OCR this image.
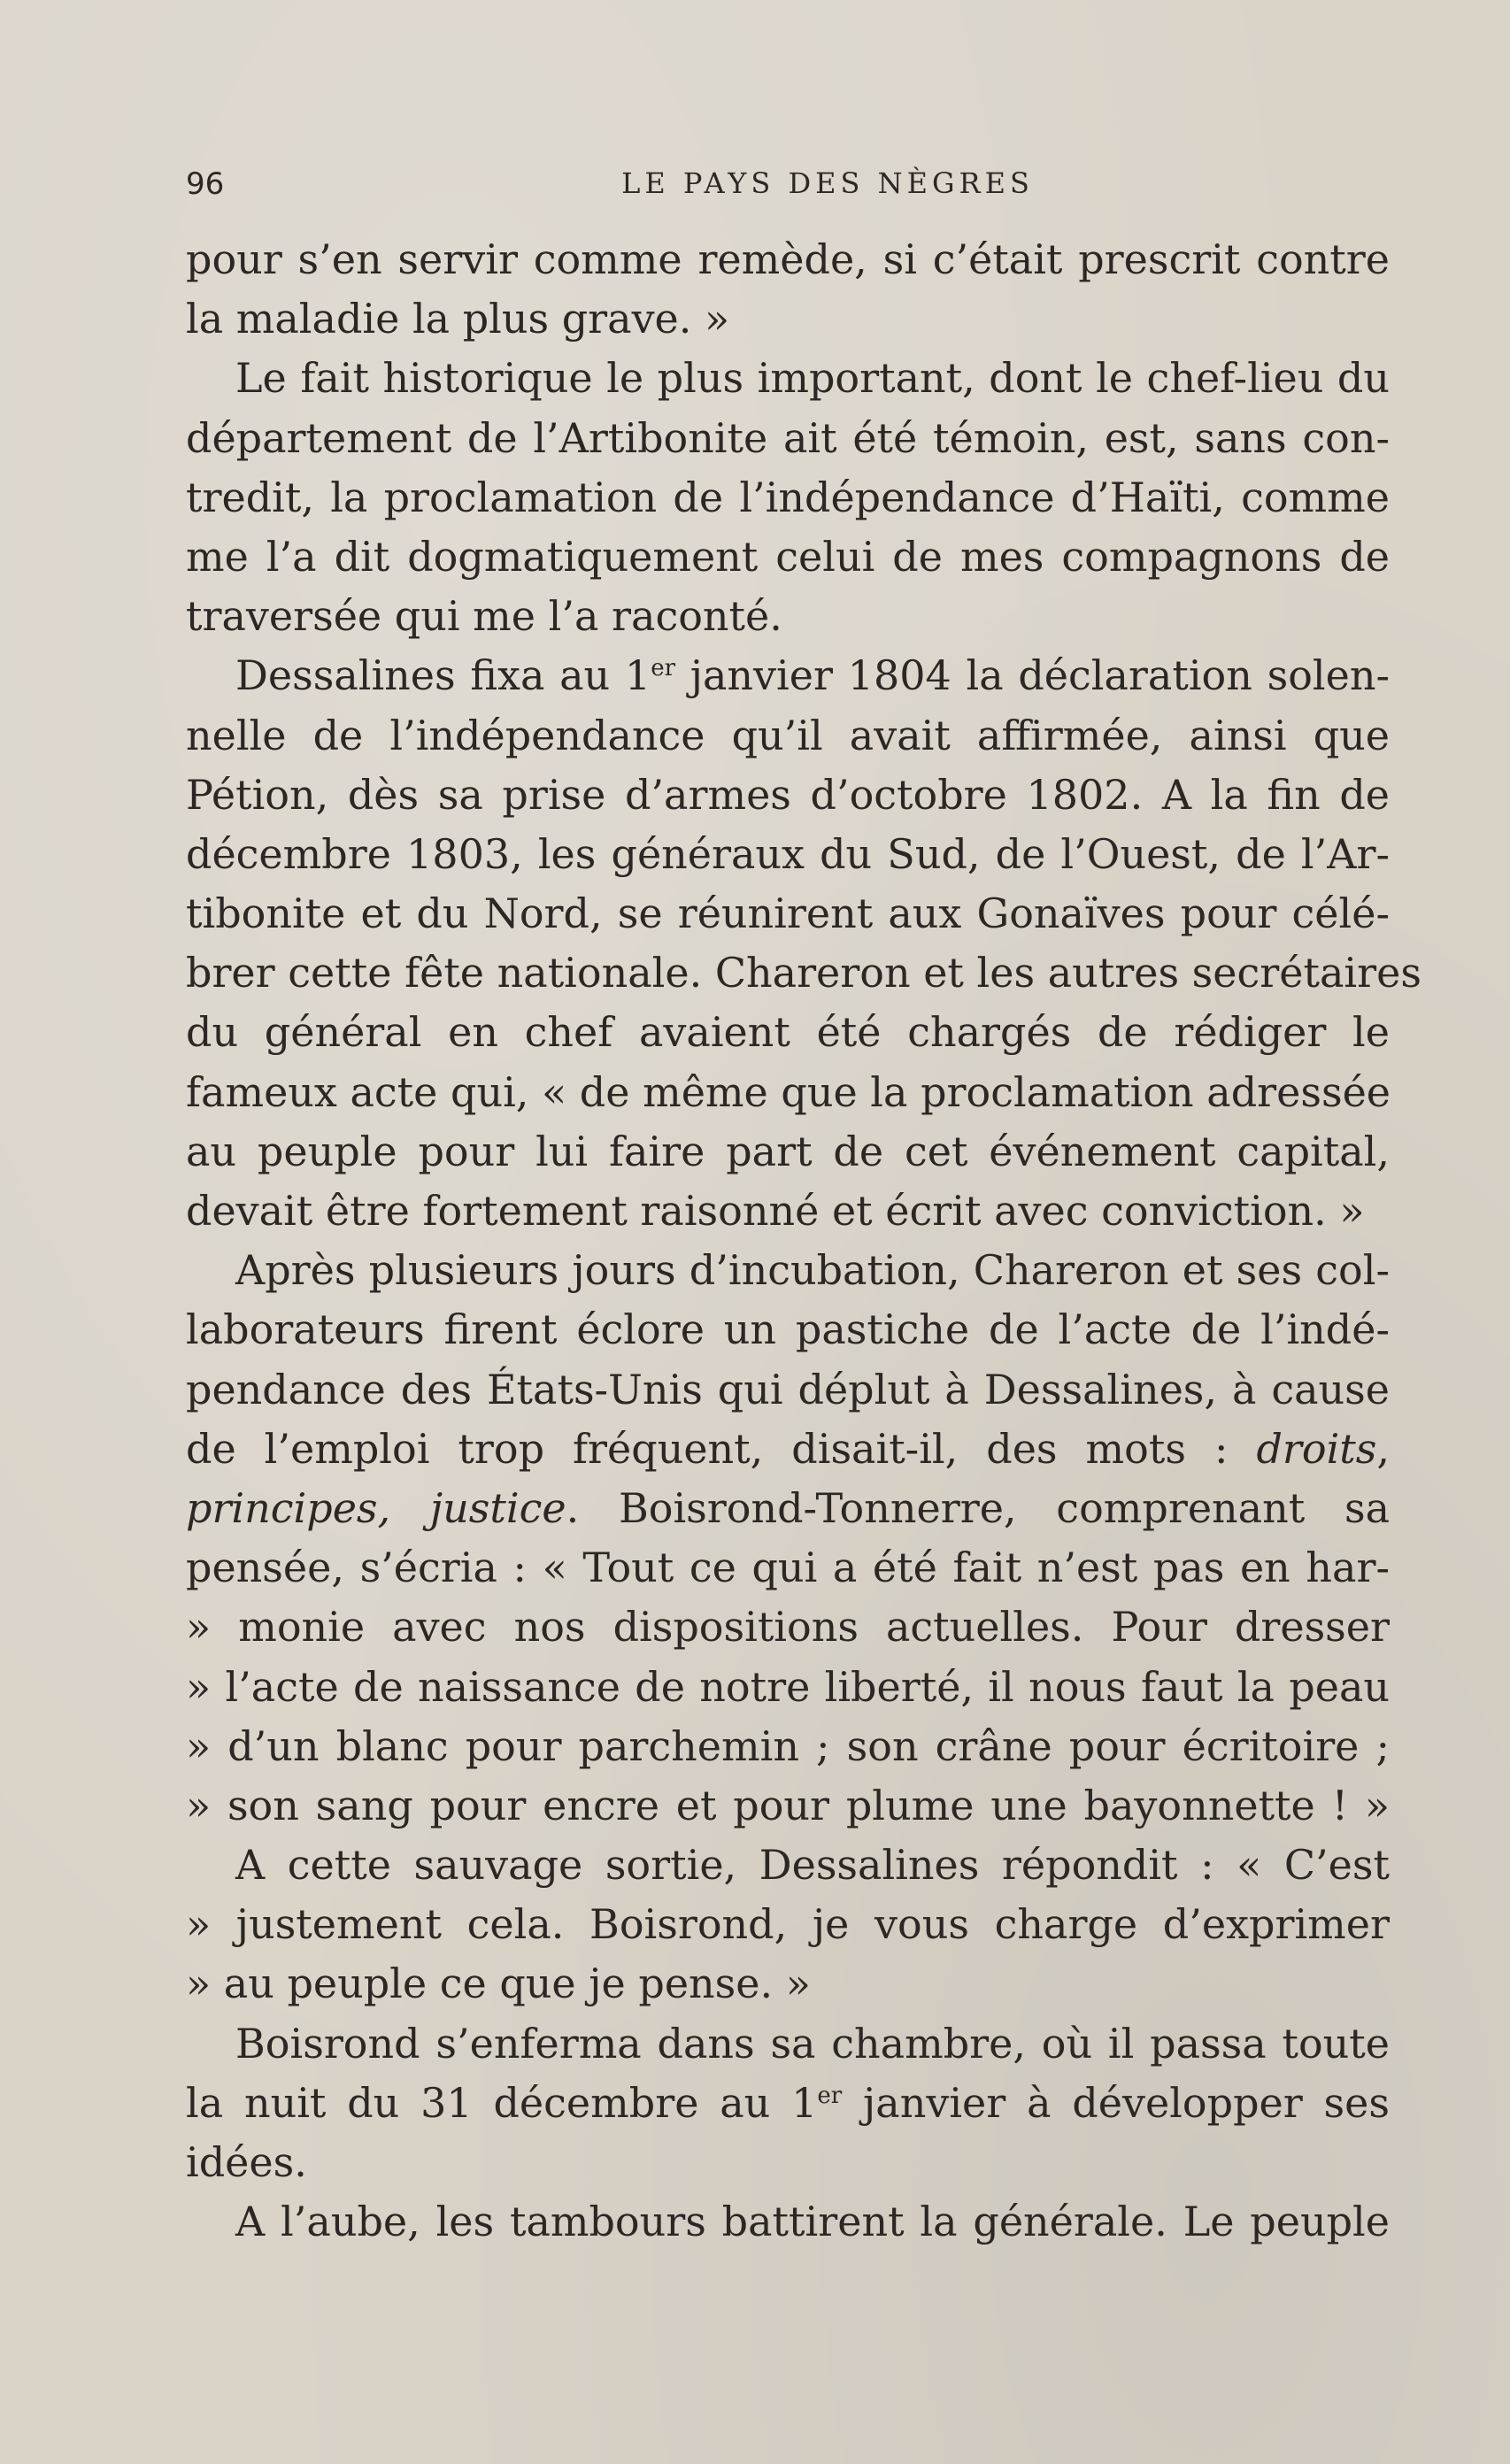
96	LE PAYS DES NÈGRES
pour s’en servir comme remède, si c’était prescrit contre
la maladie la plus grave. »
Le fait historique le plus important, dont le chef-lieu du
département de l’Artibonite ait été témoin, est, sans con-
tredit, la proclamation de l’indépendance d’Haïti, comme
me l’a dit dogmatiquement celui de mes compagnons de
traversée qui me l’a raconté.
Dessalines fixa au 1er janvier 1804 la déclaration solen-
nelle de l’indépendance qu’il avait affirmée, ainsi que
Pétion, dès sa prise d’armes d’octobre 1802. A la fin de
décembre 1803, les généraux du Sud, de l’Ouest, de l’Ar-
tibonite et du Nord, se réunirent aux Gonaïves pour célé-
brer cette fête nationale. Chareron et les autres secrétaires
du général en chef avaient été chargés de rédiger le
fameux acte qui, « de même que la proclamation adressée
au peuple pour lui faire part de cet événement capital,
devait être fortement raisonné et écrit avec conviction. »
Après plusieurs jours d’incubation, Chareron et ses col-
laborateurs firent éclore un pastiche de l’acte de l’indé-
pendance des États-Unis qui déplut à Dessalines, à cause
de l’emploi trop fréquent, disait-il, des mots : droits,
principes, justice. Boisrond-Tonnerre, comprenant sa
pensée, s’écria : « Tout ce qui a été fait n’est pas en har-
» monie avec nos dispositions actuelles. Pour dresser
» l’acte de naissance de notre liberté, il nous faut la peau
» d’un blanc pour parchemin ; son crâne pour écritoire ;
» son sang pour encre et pour plume une bayonnette ! »
A cette sauvage sortie, Dessalines répondit : « C’est
» justement cela. Boisrond, je vous charge d’exprimer
» au peuple ce que je pense. »
Boisrond s’enferma dans sa chambre, où il passa toute
la nuit du 31 décembre au 1er janvier à développer ses
idées.
A l’aube, les tambours battirent la générale. Le peuple
